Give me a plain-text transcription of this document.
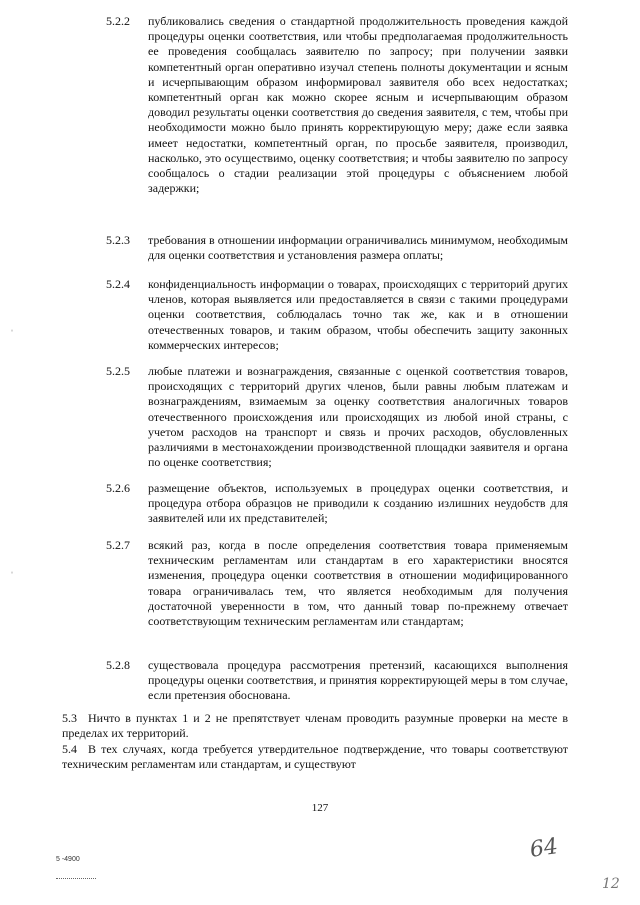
5.2.2 публиковались сведения о стандартной продолжительность проведения каждой процедуры оценки соответствия, или чтобы предполагаемая продолжительность ее проведения сообщалась заявителю по запросу; при получении заявки компетентный орган оперативно изучал степень полноты документации и ясным и исчерпывающим образом информировал заявителя обо всех недостатках; компетентный орган как можно скорее ясным и исчерпывающим образом доводил результаты оценки соответствия до сведения заявителя, с тем, чтобы при необходимости можно было принять корректирующую меру; даже если заявка имеет недостатки, компетентный орган, по просьбе заявителя, производил, насколько, это осуществимо, оценку соответствия; и чтобы заявителю по запросу сообщалось о стадии реализации этой процедуры с объяснением любой задержки;
5.2.3 требования в отношении информации ограничивались минимумом, необходимым для оценки соответствия и установления размера оплаты;
5.2.4 конфиденциальность информации о товарах, происходящих с территорий других членов, которая выявляется или предоставляется в связи с такими процедурами оценки соответствия, соблюдалась точно так же, как и в отношении отечественных товаров, и таким образом, чтобы обеспечить защиту законных коммерческих интересов;
5.2.5 любые платежи и вознаграждения, связанные с оценкой соответствия товаров, происходящих с территорий других членов, были равны любым платежам и вознаграждениям, взимаемым за оценку соответствия аналогичных товаров отечественного происхождения или происходящих из любой иной страны, с учетом расходов на транспорт и связь и прочих расходов, обусловленных различиями в местонахождении производственной площадки заявителя и органа по оценке соответствия;
5.2.6 размещение объектов, используемых в процедурах оценки соответствия, и процедура отбора образцов не приводили к созданию излишних неудобств для заявителей или их представителей;
5.2.7 всякий раз, когда в после определения соответствия товара применяемым техническим регламентам или стандартам в его характеристики вносятся изменения, процедура оценки соответствия в отношении модифицированного товара ограничивалась тем, что является необходимым для получения достаточной уверенности в том, что данный товар по-прежнему отвечает соответствующим техническим регламентам или стандартам;
5.2.8 существовала процедура рассмотрения претензий, касающихся выполнения процедуры оценки соответствия, и принятия корректирующей меры в том случае, если претензия обоснована.
5.3 Ничто в пунктах 1 и 2 не препятствует членам проводить разумные проверки на месте в пределах их территорий.
5.4 В тех случаях, когда требуется утвердительное подтверждение, что товары соответствуют техническим регламентам или стандартам, и существуют
127
5 -4900
ˌ
ˌ
64
12
